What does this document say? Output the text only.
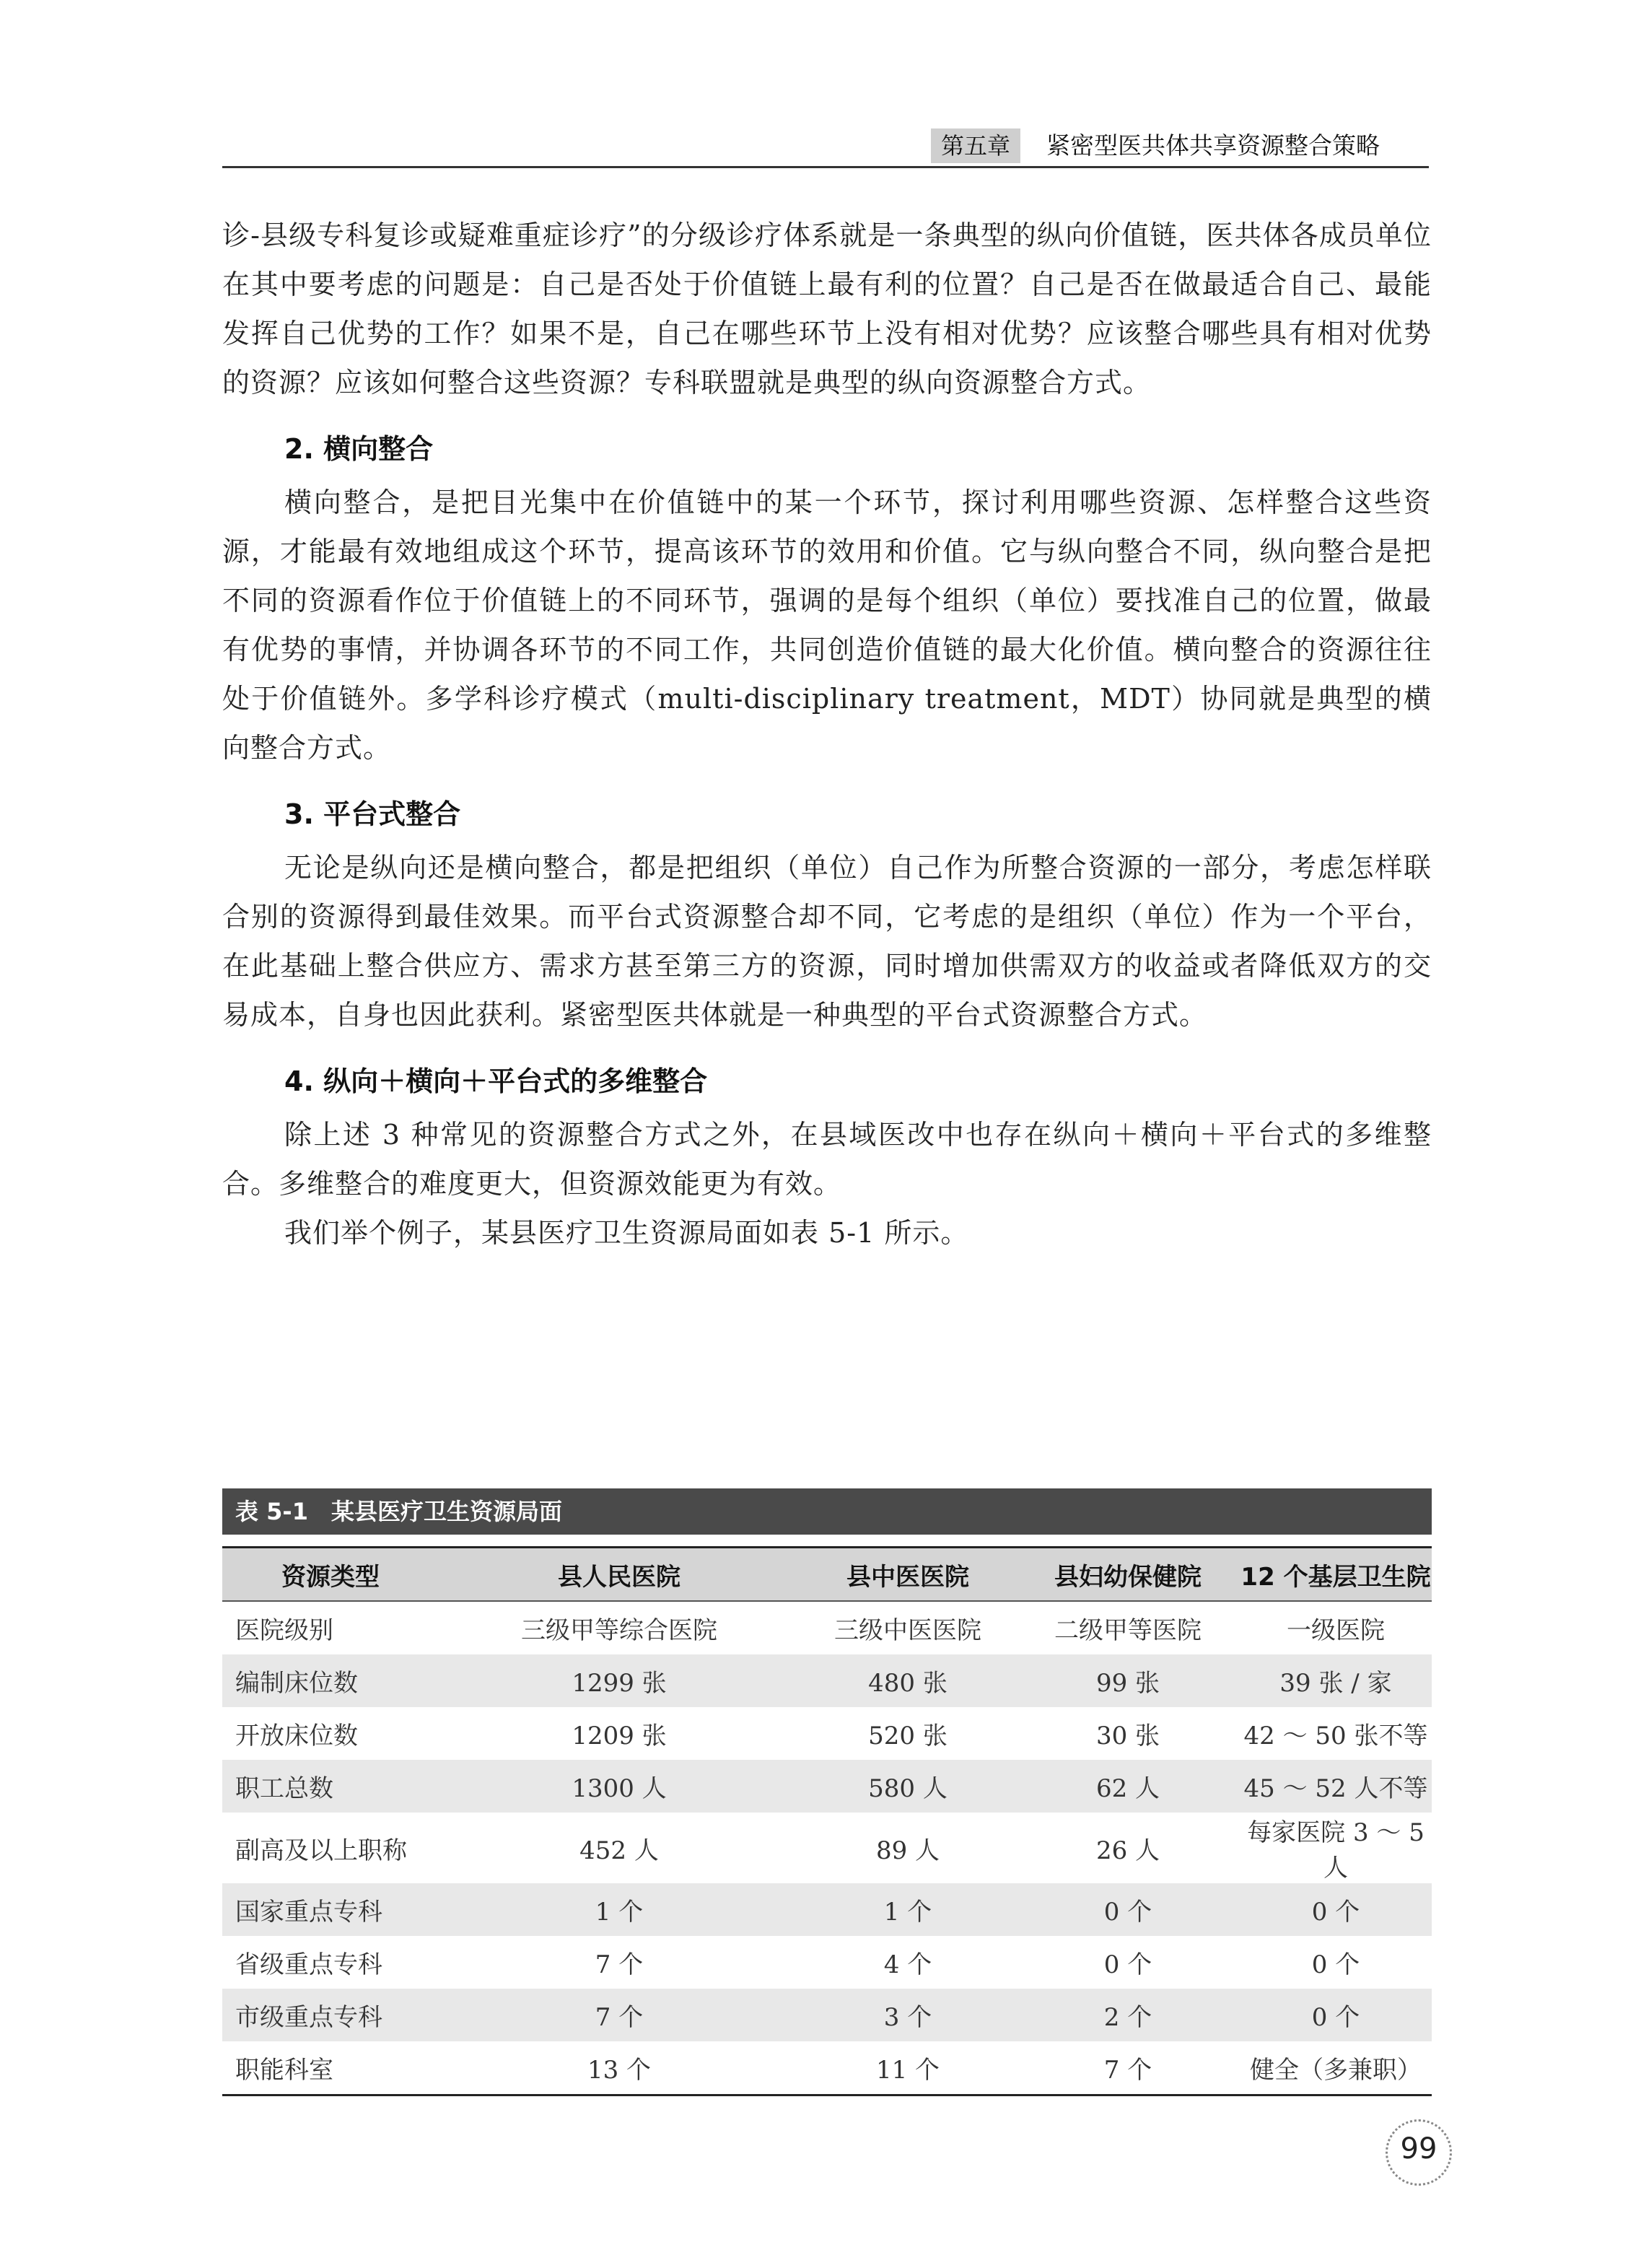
第五章	紧密型医共体共享资源整合策略

诊-县级专科复诊或疑难重症诊疗”的分级诊疗体系就是一条典型的纵向价值链，医共体各成员单位在其中要考虑的问题是：自己是否处于价值链上最有利的位置？自己是否在做最适合自己、最能发挥自己优势的工作？如果不是，自己在哪些环节上没有相对优势？应该整合哪些具有相对优势的资源？应该如何整合这些资源？专科联盟就是典型的纵向资源整合方式。

2. 横向整合

横向整合，是把目光集中在价值链中的某一个环节，探讨利用哪些资源、怎样整合这些资源，才能最有效地组成这个环节，提高该环节的效用和价值。它与纵向整合不同，纵向整合是把不同的资源看作位于价值链上的不同环节，强调的是每个组织（单位）要找准自己的位置，做最有优势的事情，并协调各环节的不同工作，共同创造价值链的最大化价值。横向整合的资源往往处于价值链外。多学科诊疗模式（multi-disciplinary treatment，MDT）协同就是典型的横向整合方式。

3. 平台式整合

无论是纵向还是横向整合，都是把组织（单位）自己作为所整合资源的一部分，考虑怎样联合别的资源得到最佳效果。而平台式资源整合却不同，它考虑的是组织（单位）作为一个平台，在此基础上整合供应方、需求方甚至第三方的资源，同时增加供需双方的收益或者降低双方的交易成本，自身也因此获利。紧密型医共体就是一种典型的平台式资源整合方式。

4. 纵向＋横向＋平台式的多维整合

除上述 3 种常见的资源整合方式之外，在县域医改中也存在纵向＋横向＋平台式的多维整合。多维整合的难度更大，但资源效能更为有效。

我们举个例子，某县医疗卫生资源局面如表 5-1 所示。

表 5-1 某县医疗卫生资源局面
资源类型	县人民医院	县中医医院	县妇幼保健院	12 个基层卫生院
医院级别	三级甲等综合医院	三级中医医院	二级甲等医院	一级医院
编制床位数	1299 张	480 张	99 张	39 张 / 家
开放床位数	1209 张	520 张	30 张	42 ～ 50 张不等
职工总数	1300 人	580 人	62 人	45 ～ 52 人不等
副高及以上职称	452 人	89 人	26 人	每家医院 3 ～ 5 人
国家重点专科	1 个	1 个	0 个	0 个
省级重点专科	7 个	4 个	0 个	0 个
市级重点专科	7 个	3 个	2 个	0 个
职能科室	13 个	11 个	7 个	健全（多兼职）
99
